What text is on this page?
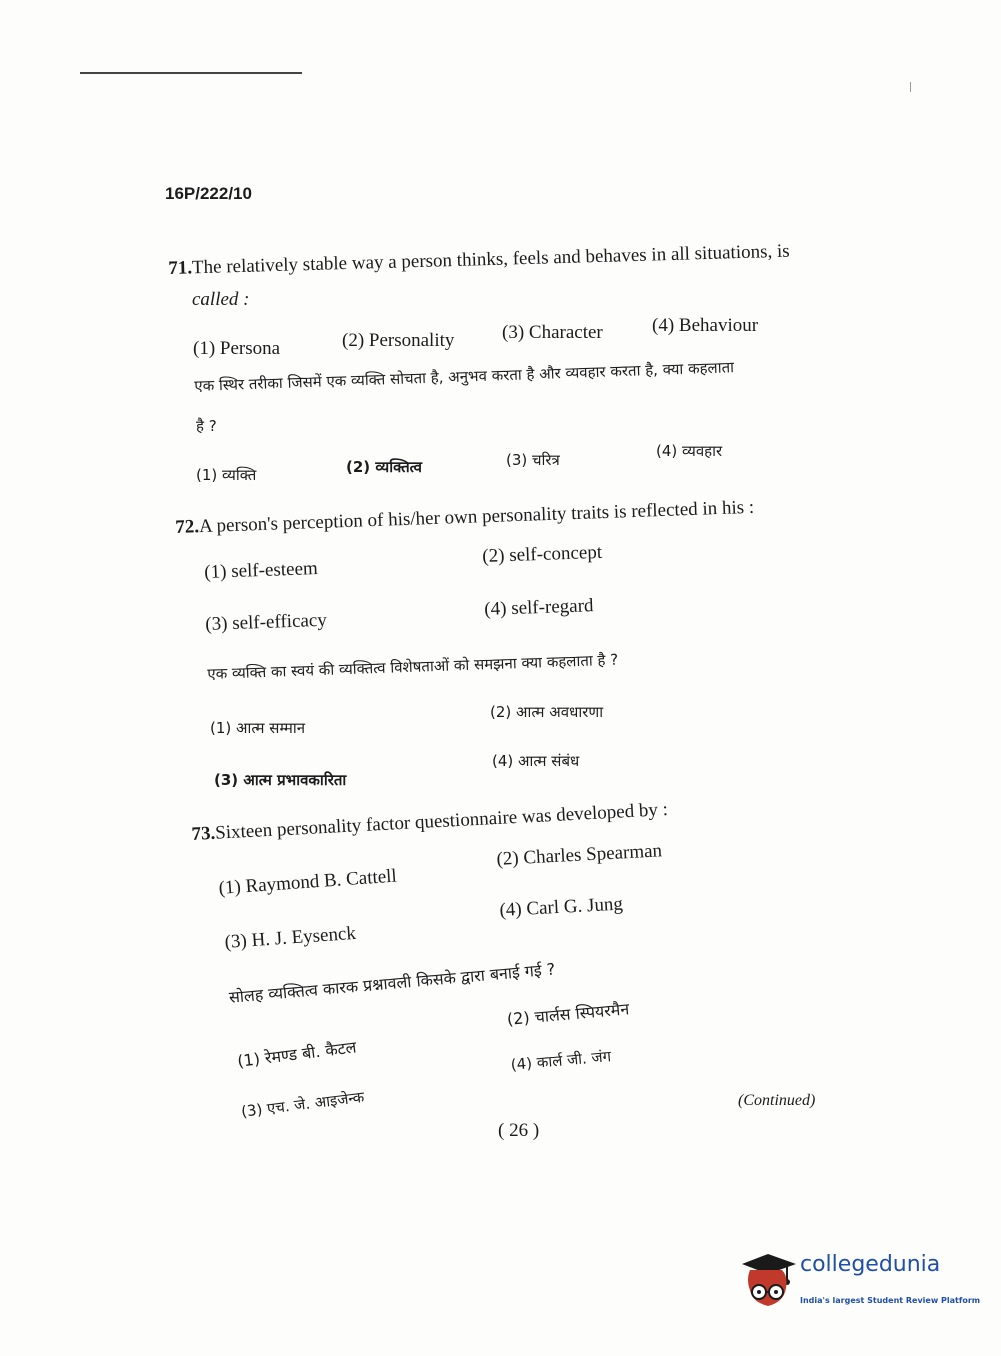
16P/222/10
71.The relatively stable way a person thinks, feels and behaves in all situations, is
called :
(1) Persona	(2) Personality	(3) Character	(4) Behaviour
एक स्थिर तरीका जिसमें एक व्यक्ति सोचता है, अनुभव करता है और व्यवहार करता है, क्या कहलाता
है ?
(1) व्यक्ति	(2) व्यक्तित्व	(3) चरित्र	(4) व्यवहार
72.A person's perception of his/her own personality traits is reflected in his :
(1) self-esteem
(2) self-concept
(3) self-efficacy
(4) self-regard
एक व्यक्ति का स्वयं की व्यक्तित्व विशेषताओं को समझना क्या कहलाता है ?
(1) आत्म सम्मान
(2) आत्म अवधारणा
(3) आत्म प्रभावकारिता
(4) आत्म संबंध
73.Sixteen personality factor questionnaire was developed by :
(1) Raymond B. Cattell
(2) Charles Spearman
(3) H. J. Eysenck
(4) Carl G. Jung
सोलह व्यक्तित्व कारक प्रश्नावली किसके द्वारा बनाई गई ?
(1) रेमण्ड बी. कैटल
(2) चार्लस स्पियरमैन
(3) एच. जे. आइजेन्क
(4) कार्ल जी. जंग
(Continued)
( 26 )
collegedunia
India's largest Student Review Platform
